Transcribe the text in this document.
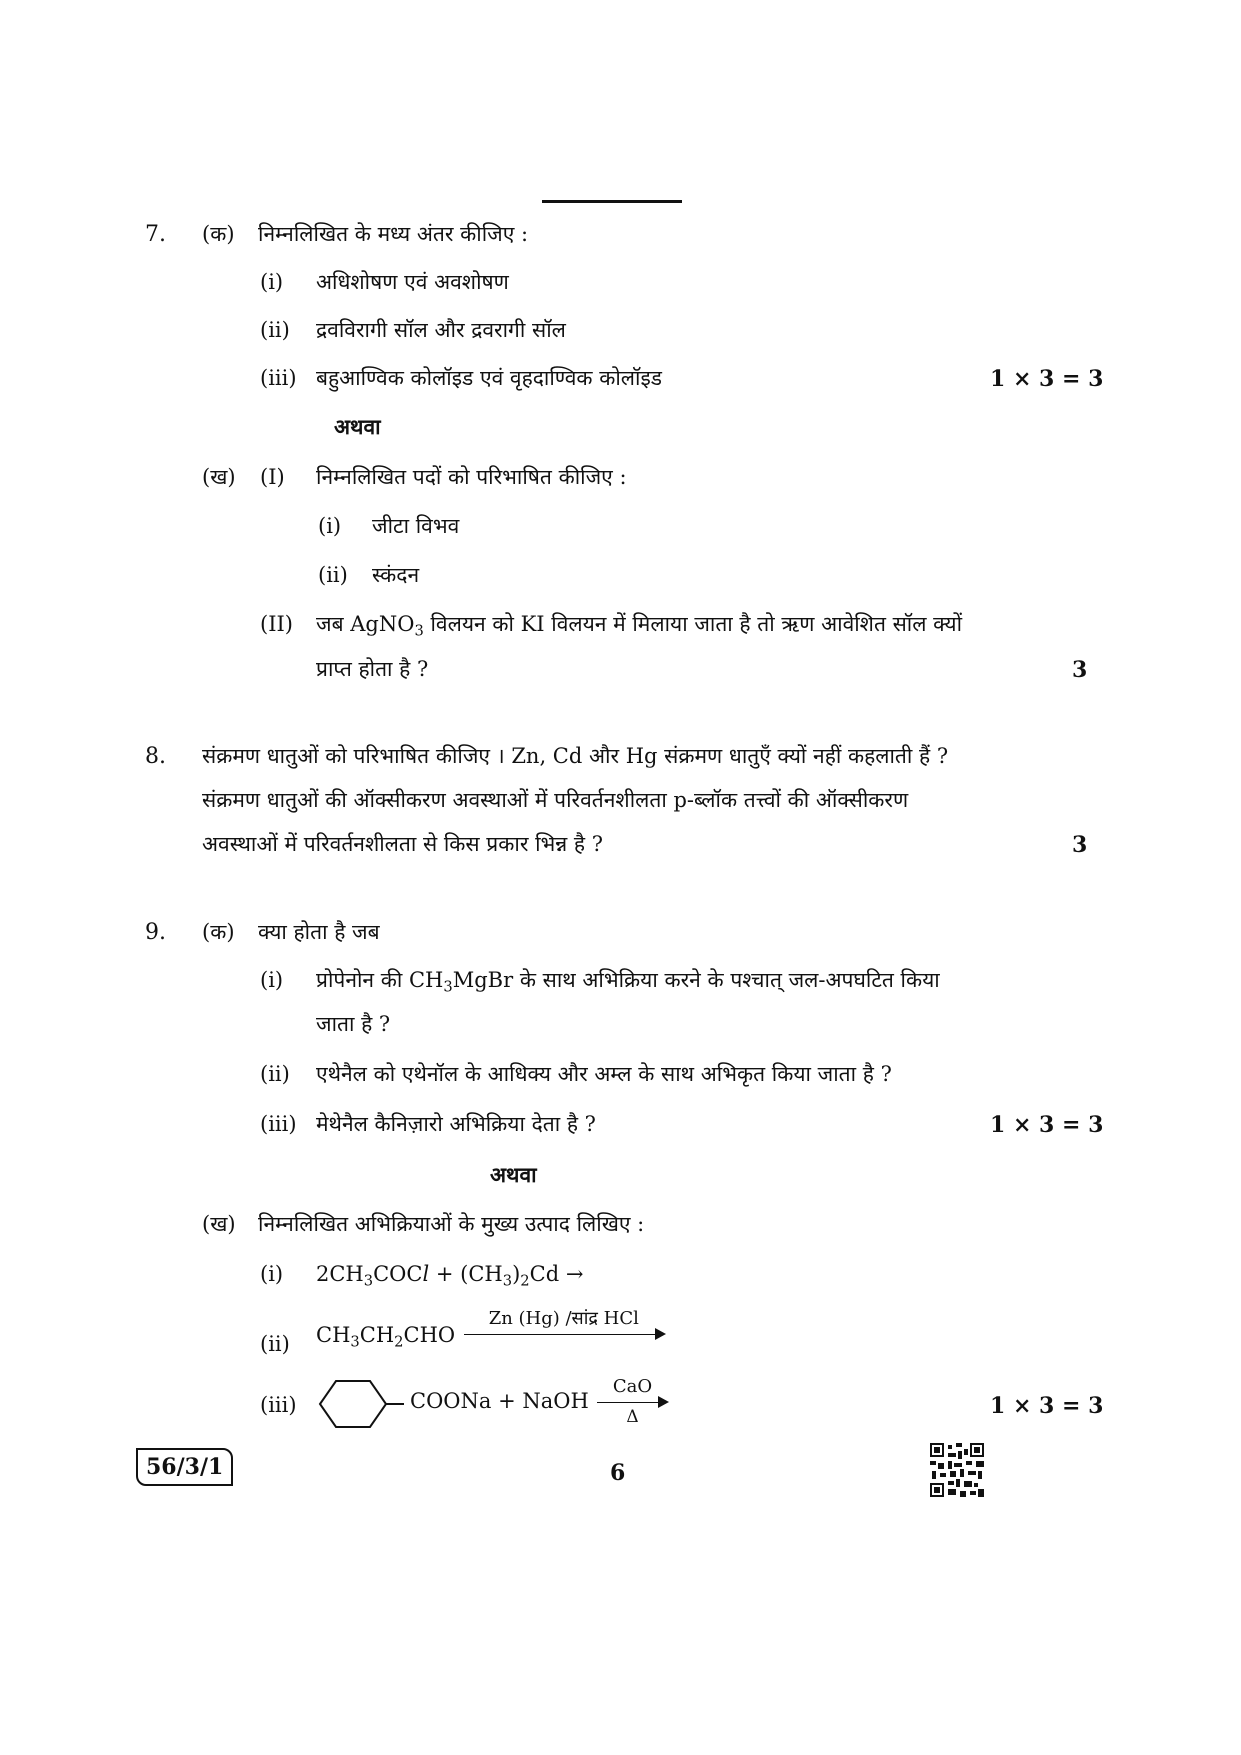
7. (क) निम्नलिखित के मध्य अंतर कीजिए :
(i) अधिशोषण एवं अवशोषण
(ii) द्रवविरागी सॉल और द्रवरागी सॉल
(iii) बहुआण्विक कोलॉइड एवं वृहदाण्विक कोलॉइड	1 × 3 = 3
अथवा
(ख) (I) निम्नलिखित पदों को परिभाषित कीजिए :
(i) जीटा विभव
(ii) स्कंदन
(II) जब AgNO$_3$ विलयन को KI विलयन में मिलाया जाता है तो ऋण आवेशित सॉल क्यों
प्राप्त होता है ?	3
8. संक्रमण धातुओं को परिभाषित कीजिए । Zn, Cd और Hg संक्रमण धातुएँ क्यों नहीं कहलाती हैं ?
संक्रमण धातुओं की ऑक्सीकरण अवस्थाओं में परिवर्तनशीलता p-ब्लॉक तत्त्वों की ऑक्सीकरण
अवस्थाओं में परिवर्तनशीलता से किस प्रकार भिन्न है ?	3
9. (क) क्या होता है जब
(i) प्रोपेनोन की $CH_3MgBr$ के साथ अभिक्रिया करने के पश्चात् जल-अपघटित किया
जाता है ?
(ii) एथेनैल को एथेनॉल के आधिक्य और अम्ल के साथ अभिकृत किया जाता है ?
(iii) मेथेनैल कैनिज़ारो अभिक्रिया देता है ?	1 × 3 = 3
अथवा
(ख) निम्नलिखित अभिक्रियाओं के मुख्य उत्पाद लिखिए :
(i) $2CH_3COCl + (CH_3)_2Cd$ →
(ii) $CH_3CH_2CHO$
Zn (Hg) /सांद्र HCl
(iii)	COONa + NaOH
CaO
Δ	1 × 3 = 3
56/3/1	6
